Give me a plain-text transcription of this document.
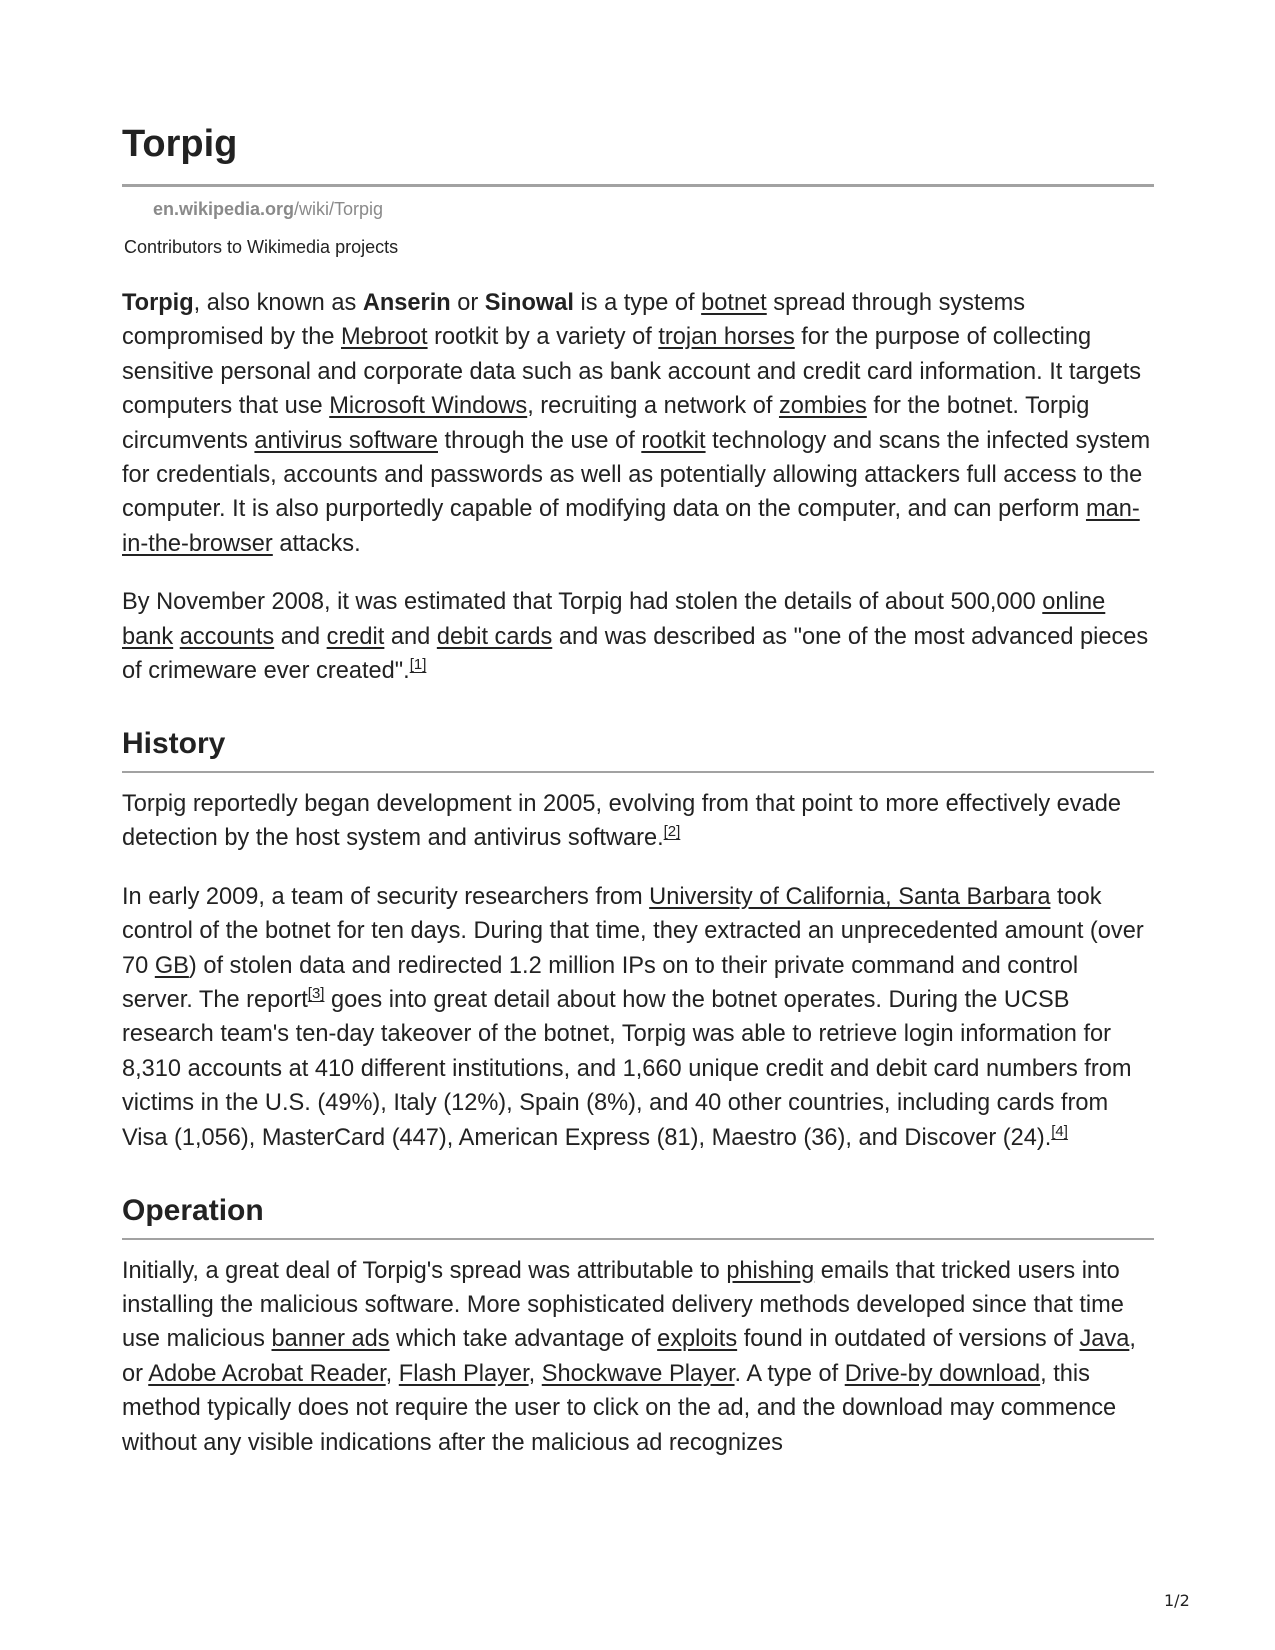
Torpig
en.wikipedia.org/wiki/Torpig
Contributors to Wikimedia projects

Torpig, also known as Anserin or Sinowal is a type of botnet spread through systems compromised by the Mebroot rootkit by a variety of trojan horses for the purpose of collecting sensitive personal and corporate data such as bank account and credit card information. It targets computers that use Microsoft Windows, recruiting a network of zombies for the botnet. Torpig circumvents antivirus software through the use of rootkit technology and scans the infected system for credentials, accounts and passwords as well as potentially allowing attackers full access to the computer. It is also purportedly capable of modifying data on the computer, and can perform man-in-the-browser attacks.

By November 2008, it was estimated that Torpig had stolen the details of about 500,000 online bank accounts and credit and debit cards and was described as "one of the most advanced pieces of crimeware ever created".[1]

History

Torpig reportedly began development in 2005, evolving from that point to more effectively evade detection by the host system and antivirus software.[2]

In early 2009, a team of security researchers from University of California, Santa Barbara took control of the botnet for ten days. During that time, they extracted an unprecedented amount (over 70 GB) of stolen data and redirected 1.2 million IPs on to their private command and control server. The report[3] goes into great detail about how the botnet operates. During the UCSB research team's ten-day takeover of the botnet, Torpig was able to retrieve login information for 8,310 accounts at 410 different institutions, and 1,660 unique credit and debit card numbers from victims in the U.S. (49%), Italy (12%), Spain (8%), and 40 other countries, including cards from Visa (1,056), MasterCard (447), American Express (81), Maestro (36), and Discover (24).[4]

Operation

Initially, a great deal of Torpig's spread was attributable to phishing emails that tricked users into installing the malicious software. More sophisticated delivery methods developed since that time use malicious banner ads which take advantage of exploits found in outdated of versions of Java, or Adobe Acrobat Reader, Flash Player, Shockwave Player. A type of Drive-by download, this method typically does not require the user to click on the ad, and the download may commence without any visible indications after the malicious ad recognizes

1/2
